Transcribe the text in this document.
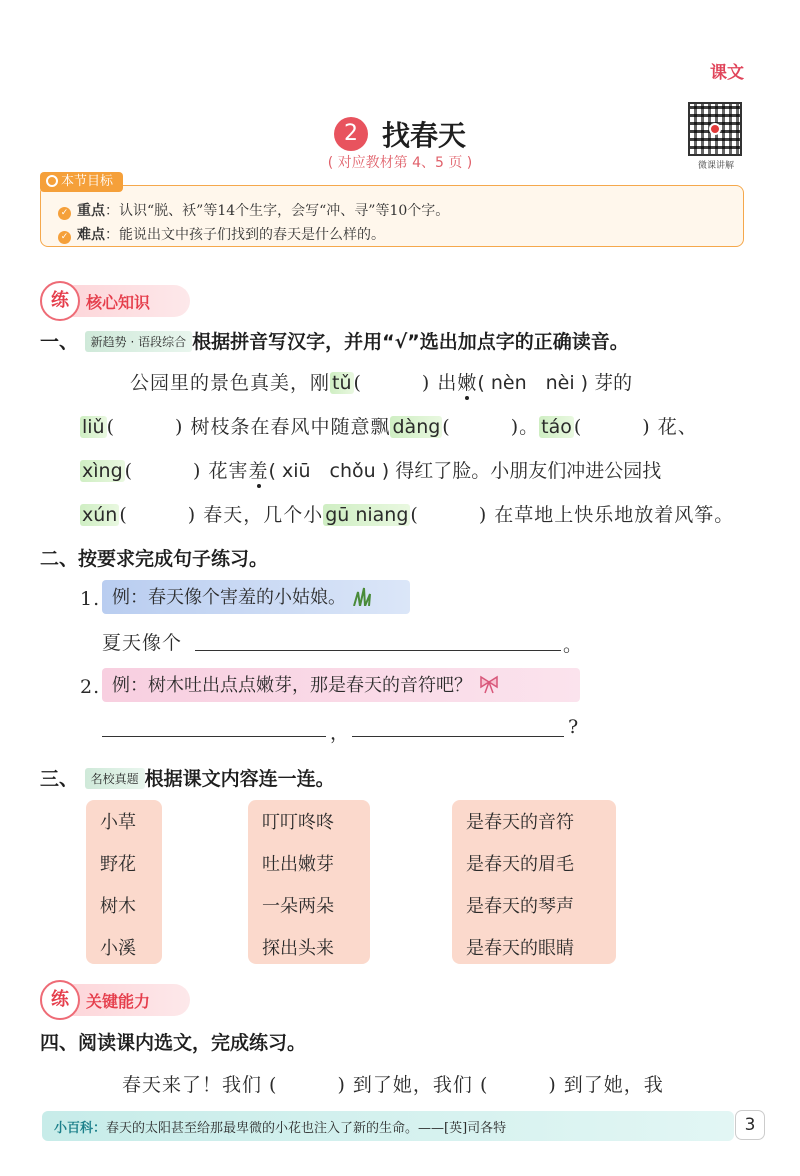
课文
微课讲解
2 找春天
( 对应教材第 4、5 页 )
本节目标
✓ 重点：认识“脱、袄”等14个生字，会写“冲、寻”等10个字。
✓ 难点：能说出文中孩子们找到的春天是什么样的。
练	核心知识
一、 新趋势 · 语段综合 根据拼音写汉字，并用“√”选出加点字的正确读音。
公园里的景色真美，刚 tǔ (　　　) 出嫩( nèn　nèi ) 芽的
liǔ (　　　) 树枝条在春风中随意飘 dàng (　　　)。 táo (　　　) 花、
xìng (　　　) 花害羞( xiū　chǒu ) 得红了脸。小朋友们冲进公园找
xún (　　　) 春天，几个小 gū niang (　　　) 在草地上快乐地放着风筝。
二、按要求完成句子练习。
1. 例：春天像个害羞的小姑娘。
夏天像个	。
2. 例：树木吐出点点嫩芽，那是春天的音符吧？
，	?
三、 名校真题 根据课文内容连一连。
小草
野花
树木
小溪
叮叮咚咚
吐出嫩芽
一朵两朵
探出头来
是春天的音符
是春天的眉毛
是春天的琴声
是春天的眼睛
练	关键能力
四、阅读课内选文，完成练习。
春天来了！我们 (　　　) 到了她，我们 (　　　) 到了她，我
小百科：春天的太阳甚至给那最卑微的小花也注入了新的生命。——[英]司各特	3
